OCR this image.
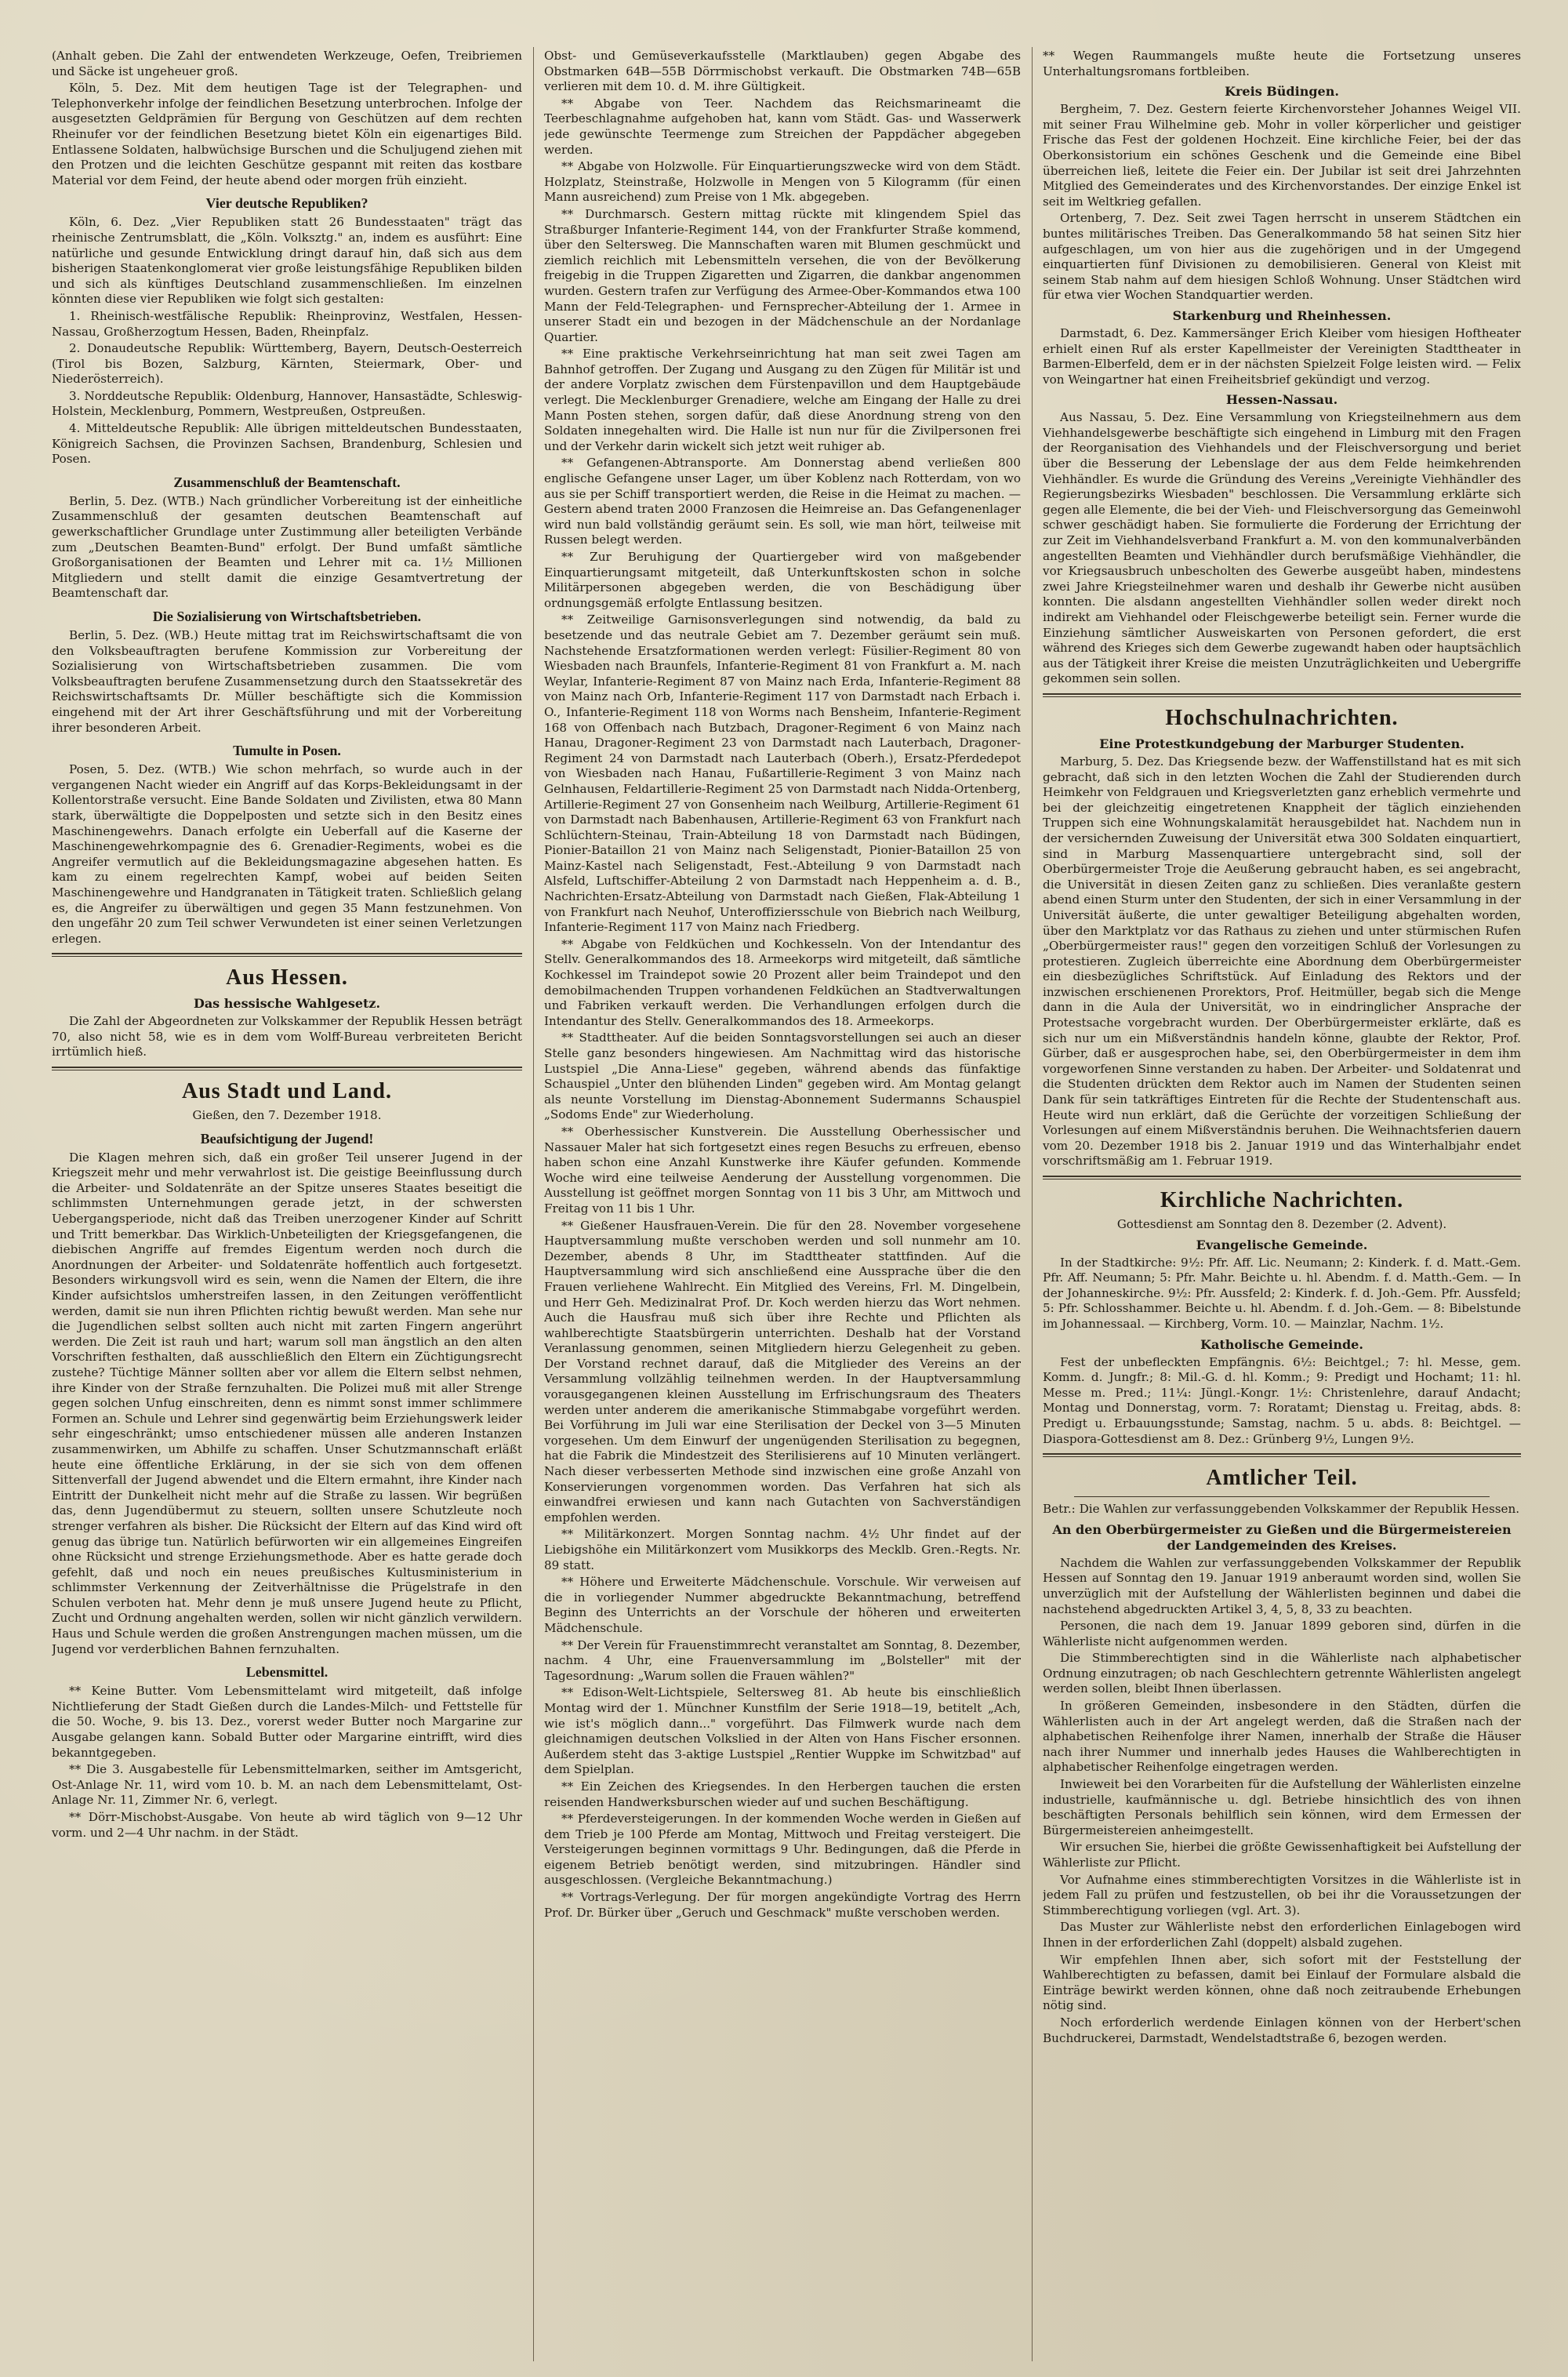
(Anhalt geben. Die Zahl der entwendeten Werkzeuge, Oefen, Treibriemen und Säcke ist ungeheuer groß.

Köln, 5. Dez. Mit dem heutigen Tage ist der Telegraphen- und Telephonverkehr infolge der feindlichen Besetzung unterbrochen. Infolge der ausgesetzten Geldprämien für Bergung von Geschützen auf dem rechten Rheinufer vor der feindlichen Besetzung bietet Köln ein eigenartiges Bild. Entlassene Soldaten, halbwüchsige Burschen und die Schuljugend ziehen mit den Protzen und die leichten Geschütze gespannt mit reiten das kostbare Material vor dem Feind, der heute abend oder morgen früh einzieht.

Vier deutsche Republiken?

Köln, 6. Dez. „Vier Republiken statt 26 Bundesstaaten" trägt das rheinische Zentrumsblatt, die „Köln. Volksztg." an, indem es ausführt: Eine natürliche und gesunde Entwicklung dringt darauf hin, daß sich aus dem bisherigen Staatenkonglomerat vier große leistungsfähige Republiken bilden und sich als künftiges Deutschland zusammenschließen. Im einzelnen könnten diese vier Republiken wie folgt sich gestalten:

1. Rheinisch-westfälische Republik: Rheinprovinz, Westfalen, Hessen-Nassau, Großherzogtum Hessen, Baden, Rheinpfalz.

2. Donaudeutsche Republik: Württemberg, Bayern, Deutsch-Oesterreich (Tirol bis Bozen, Salzburg, Kärnten, Steiermark, Ober- und Niederösterreich).

3. Norddeutsche Republik: Oldenburg, Hannover, Hansastädte, Schleswig-Holstein, Mecklenburg, Pommern, Westpreußen, Ostpreußen.

4. Mitteldeutsche Republik: Alle übrigen mitteldeutschen Bundesstaaten, Königreich Sachsen, die Provinzen Sachsen, Brandenburg, Schlesien und Posen.

Zusammenschluß der Beamtenschaft.

Berlin, 5. Dez. (WTB.) Nach gründlicher Vorbereitung ist der einheitliche Zusammenschluß der gesamten deutschen Beamtenschaft auf gewerkschaftlicher Grundlage unter Zustimmung aller beteiligten Verbände zum „Deutschen Beamten-Bund" erfolgt. Der Bund umfaßt sämtliche Großorganisationen der Beamten und Lehrer mit ca. 1½ Millionen Mitgliedern und stellt damit die einzige Gesamtvertretung der Beamtenschaft dar.

Die Sozialisierung von Wirtschaftsbetrieben.

Berlin, 5. Dez. (WB.) Heute mittag trat im Reichswirtschaftsamt die von den Volksbeauftragten berufene Kommission zur Vorbereitung der Sozialisierung von Wirtschaftsbetrieben zusammen. Die vom Volksbeauftragten berufene Zusammensetzung durch den Staatssekretär des Reichswirtschaftsamts Dr. Müller beschäftigte sich die Kommission eingehend mit der Art ihrer Geschäftsführung und mit der Vorbereitung ihrer besonderen Arbeit.

Tumulte in Posen.

Posen, 5. Dez. (WTB.) Wie schon mehrfach, so wurde auch in der vergangenen Nacht wieder ein Angriff auf das Korps-Bekleidungsamt in der Kollentorstraße versucht. Eine Bande Soldaten und Zivilisten, etwa 80 Mann stark, überwältigte die Doppelposten und setzte sich in den Besitz eines Maschinengewehrs. Danach erfolgte ein Ueberfall auf die Kaserne der Maschinengewehrkompagnie des 6. Grenadier-Regiments, wobei es die Angreifer vermutlich auf die Bekleidungsmagazine abgesehen hatten. Es kam zu einem regelrechten Kampf, wobei auf beiden Seiten Maschinengewehre und Handgranaten in Tätigkeit traten. Schließlich gelang es, die Angreifer zu überwältigen und gegen 35 Mann festzunehmen. Von den ungefähr 20 zum Teil schwer Verwundeten ist einer seinen Verletzungen erlegen.

Aus Hessen.
Das hessische Wahlgesetz.

Die Zahl der Abgeordneten zur Volkskammer der Republik Hessen beträgt 70, also nicht 58, wie es in dem vom Wolff-Bureau verbreiteten Bericht irrtümlich hieß.

Aus Stadt und Land.
Gießen, den 7. Dezember 1918.
Beaufsichtigung der Jugend!

Die Klagen mehren sich, daß ein großer Teil unserer Jugend in der Kriegszeit mehr und mehr verwahrlost ist. Die geistige Beeinflussung durch die Arbeiter- und Soldatenräte an der Spitze unseres Staates beseitigt die schlimmsten Unternehmungen gerade jetzt, in der schwersten Uebergangsperiode, nicht daß das Treiben unerzogener Kinder auf Schritt und Tritt bemerkbar. Das Wirklich-Unbeteiligten der Kriegsgefangenen, die diebischen Angriffe auf fremdes Eigentum werden noch durch die Anordnungen der Arbeiter- und Soldatenräte hoffentlich auch fortgesetzt. Besonders wirkungsvoll wird es sein, wenn die Namen der Eltern, die ihre Kinder aufsichtslos umherstreifen lassen, in den Zeitungen veröffentlicht werden, damit sie nun ihren Pflichten richtig bewußt werden. Man sehe nur die Jugendlichen selbst sollten auch nicht mit zarten Fingern angerührt werden. Die Zeit ist rauh und hart; warum soll man ängstlich an den alten Vorschriften festhalten, daß ausschließlich den Eltern ein Züchtigungsrecht zustehe? Tüchtige Männer sollten aber vor allem die Eltern selbst nehmen, ihre Kinder von der Straße fernzuhalten. Die Polizei muß mit aller Strenge gegen solchen Unfug einschreiten, denn es nimmt sonst immer schlimmere Formen an. Schule und Lehrer sind gegenwärtig beim Erziehungswerk leider sehr eingeschränkt; umso entschiedener müssen alle anderen Instanzen zusammenwirken, um Abhilfe zu schaffen. Unser Schutzmannschaft erläßt heute eine öffentliche Erklärung, in der sie sich von dem offenen Sittenverfall der Jugend abwendet und die Eltern ermahnt, ihre Kinder nach Eintritt der Dunkelheit nicht mehr auf die Straße zu lassen. Wir begrüßen das, denn Jugendübermut zu steuern, sollten unsere Schutzleute noch strenger verfahren als bisher. Die Rücksicht der Eltern auf das Kind wird oft genug das übrige tun. Natürlich befürworten wir ein allgemeines Eingreifen ohne Rücksicht und strenge Erziehungsmethode. Aber es hatte gerade doch gefehlt, daß und noch ein neues preußisches Kultusministerium in schlimmster Verkennung der Zeitverhältnisse die Prügelstrafe in den Schulen verboten hat. Mehr denn je muß unsere Jugend heute zu Pflicht, Zucht und Ordnung angehalten werden, sollen wir nicht gänzlich verwildern. Haus und Schule werden die großen Anstrengungen machen müssen, um die Jugend vor verderblichen Bahnen fernzuhalten.

Lebensmittel.

** Keine Butter. Vom Lebensmittelamt wird mitgeteilt, daß infolge Nichtlieferung der Stadt Gießen durch die Landes-Milch- und Fettstelle für die 50. Woche, 9. bis 13. Dez., vorerst weder Butter noch Margarine zur Ausgabe gelangen kann. Sobald Butter oder Margarine eintrifft, wird dies bekanntgegeben.

** Die 3. Ausgabestelle für Lebensmittelmarken, seither im Amtsgericht, Ost-Anlage Nr. 11, wird vom 10. b. M. an nach dem Lebensmittelamt, Ost-Anlage Nr. 11, Zimmer Nr. 6, verlegt.

** Dörr-Mischobst-Ausgabe. Von heute ab wird täglich von 9—12 Uhr vorm. und 2—4 Uhr nachm. in der Städt.

Obst- und Gemüseverkaufsstelle (Marktlauben) gegen Abgabe des Obstmarken 64B—55B Dörrmischobst verkauft. Die Obstmarken 74B—65B verlieren mit dem 10. d. M. ihre Gültigkeit.

** Abgabe von Teer. Nachdem das Reichsmarineamt die Teerbeschlagnahme aufgehoben hat, kann vom Städt. Gas- und Wasserwerk jede gewünschte Teermenge zum Streichen der Pappdächer abgegeben werden.

** Abgabe von Holzwolle. Für Einquartierungszwecke wird von dem Städt. Holzplatz, Steinstraße, Holzwolle in Mengen von 5 Kilogramm (für einen Mann ausreichend) zum Preise von 1 Mk. abgegeben.

** Durchmarsch. Gestern mittag rückte mit klingendem Spiel das Straßburger Infanterie-Regiment 144, von der Frankfurter Straße kommend, über den Seltersweg. Die Mannschaften waren mit Blumen geschmückt und ziemlich reichlich mit Lebensmitteln versehen, die von der Bevölkerung freigebig in die Truppen Zigaretten und Zigarren, die dankbar angenommen wurden. Gestern trafen zur Verfügung des Armee-Ober-Kommandos etwa 100 Mann der Feld-Telegraphen- und Fernsprecher-Abteilung der 1. Armee in unserer Stadt ein und bezogen in der Mädchenschule an der Nordanlage Quartier.

** Eine praktische Verkehrseinrichtung hat man seit zwei Tagen am Bahnhof getroffen. Der Zugang und Ausgang zu den Zügen für Militär ist und der andere Vorplatz zwischen dem Fürstenpavillon und dem Hauptgebäude verlegt. Die Mecklenburger Grenadiere, welche am Eingang der Halle zu drei Mann Posten stehen, sorgen dafür, daß diese Anordnung streng von den Soldaten innegehalten wird. Die Halle ist nun nur für die Zivilpersonen frei und der Verkehr darin wickelt sich jetzt weit ruhiger ab.

** Gefangenen-Abtransporte. Am Donnerstag abend verließen 800 englische Gefangene unser Lager, um über Koblenz nach Rotterdam, von wo aus sie per Schiff transportiert werden, die Reise in die Heimat zu machen. — Gestern abend traten 2000 Franzosen die Heimreise an. Das Gefangenenlager wird nun bald vollständig geräumt sein. Es soll, wie man hört, teilweise mit Russen belegt werden.

** Zur Beruhigung der Quartiergeber wird von maßgebender Einquartierungsamt mitgeteilt, daß Unterkunftskosten schon in solche Militärpersonen abgegeben werden, die von Beschädigung über ordnungsgemäß erfolgte Entlassung besitzen.

** Zeitweilige Garnisonsverlegungen sind notwendig, da bald zu besetzende und das neutrale Gebiet am 7. Dezember geräumt sein muß. Nachstehende Ersatzformationen werden verlegt: Füsilier-Regiment 80 von Wiesbaden nach Braunfels, Infanterie-Regiment 81 von Frankfurt a. M. nach Weylar, Infanterie-Regiment 87 von Mainz nach Erda, Infanterie-Regiment 88 von Mainz nach Orb, Infanterie-Regiment 117 von Darmstadt nach Erbach i. O., Infanterie-Regiment 118 von Worms nach Bensheim, Infanterie-Regiment 168 von Offenbach nach Butzbach, Dragoner-Regiment 6 von Mainz nach Hanau, Dragoner-Regiment 23 von Darmstadt nach Lauterbach, Dragoner-Regiment 24 von Darmstadt nach Lauterbach (Oberh.), Ersatz-Pferdedepot von Wiesbaden nach Hanau, Fußartillerie-Regiment 3 von Mainz nach Gelnhausen, Feldartillerie-Regiment 25 von Darmstadt nach Nidda-Ortenberg, Artillerie-Regiment 27 von Gonsenheim nach Weilburg, Artillerie-Regiment 61 von Darmstadt nach Babenhausen, Artillerie-Regiment 63 von Frankfurt nach Schlüchtern-Steinau, Train-Abteilung 18 von Darmstadt nach Büdingen, Pionier-Bataillon 21 von Mainz nach Seligenstadt, Pionier-Bataillon 25 von Mainz-Kastel nach Seligenstadt, Fest.-Abteilung 9 von Darmstadt nach Alsfeld, Luftschiffer-Abteilung 2 von Darmstadt nach Heppenheim a. d. B., Nachrichten-Ersatz-Abteilung von Darmstadt nach Gießen, Flak-Abteilung 1 von Frankfurt nach Neuhof, Unteroffiziersschule von Biebrich nach Weilburg, Infanterie-Regiment 117 von Mainz nach Friedberg.

** Abgabe von Feldküchen und Kochkesseln. Von der Intendantur des Stellv. Generalkommandos des 18. Armeekorps wird mitgeteilt, daß sämtliche Kochkessel im Traindepot sowie 20 Prozent aller beim Traindepot und den demobilmachenden Truppen vorhandenen Feldküchen an Stadtverwaltungen und Fabriken verkauft werden. Die Verhandlungen erfolgen durch die Intendantur des Stellv. Generalkommandos des 18. Armeekorps.

** Stadttheater. Auf die beiden Sonntagsvorstellungen sei auch an dieser Stelle ganz besonders hingewiesen. Am Nachmittag wird das historische Lustspiel „Die Anna-Liese" gegeben, während abends das fünfaktige Schauspiel „Unter den blühenden Linden" gegeben wird. Am Montag gelangt als neunte Vorstellung im Dienstag-Abonnement Sudermanns Schauspiel „Sodoms Ende" zur Wiederholung.

** Oberhessischer Kunstverein. Die Ausstellung Oberhessischer und Nassauer Maler hat sich fortgesetzt eines regen Besuchs zu erfreuen, ebenso haben schon eine Anzahl Kunstwerke ihre Käufer gefunden. Kommende Woche wird eine teilweise Aenderung der Ausstellung vorgenommen. Die Ausstellung ist geöffnet morgen Sonntag von 11 bis 3 Uhr, am Mittwoch und Freitag von 11 bis 1 Uhr.

** Gießener Hausfrauen-Verein. Die für den 28. November vorgesehene Hauptversammlung mußte verschoben werden und soll nunmehr am 10. Dezember, abends 8 Uhr, im Stadttheater stattfinden. Auf die Hauptversammlung wird sich anschließend eine Aussprache über die den Frauen verliehene Wahlrecht. Ein Mitglied des Vereins, Frl. M. Dingelbein, und Herr Geh. Medizinalrat Prof. Dr. Koch werden hierzu das Wort nehmen. Auch die Hausfrau muß sich über ihre Rechte und Pflichten als wahlberechtigte Staatsbürgerin unterrichten. Deshalb hat der Vorstand Veranlassung genommen, seinen Mitgliedern hierzu Gelegenheit zu geben. Der Vorstand rechnet darauf, daß die Mitglieder des Vereins an der Versammlung vollzählig teilnehmen werden. In der Hauptversammlung vorausgegangenen kleinen Ausstellung im Erfrischungsraum des Theaters werden unter anderem die amerikanische Stimmabgabe vorgeführt werden. Bei Vorführung im Juli war eine Sterilisation der Deckel von 3—5 Minuten vorgesehen. Um dem Einwurf der ungenügenden Sterilisation zu begegnen, hat die Fabrik die Mindestzeit des Sterilisierens auf 10 Minuten verlängert. Nach dieser verbesserten Methode sind inzwischen eine große Anzahl von Konservierungen vorgenommen worden. Das Verfahren hat sich als einwandfrei erwiesen und kann nach Gutachten von Sachverständigen empfohlen werden.

** Militärkonzert. Morgen Sonntag nachm. 4½ Uhr findet auf der Liebigshöhe ein Militärkonzert vom Musikkorps des Mecklb. Gren.-Regts. Nr. 89 statt.

** Höhere und Erweiterte Mädchenschule. Vorschule. Wir verweisen auf die in vorliegender Nummer abgedruckte Bekanntmachung, betreffend Beginn des Unterrichts an der Vorschule der höheren und erweiterten Mädchenschule.

** Der Verein für Frauenstimmrecht veranstaltet am Sonntag, 8. Dezember, nachm. 4 Uhr, eine Frauenversammlung im „Bolsteller" mit der Tagesordnung: „Warum sollen die Frauen wählen?"

** Edison-Welt-Lichtspiele, Seltersweg 81. Ab heute bis einschließlich Montag wird der 1. Münchner Kunstfilm der Serie 1918—19, betitelt „Ach, wie ist's möglich dann..." vorgeführt. Das Filmwerk wurde nach dem gleichnamigen deutschen Volkslied in der Alten von Hans Fischer ersonnen. Außerdem steht das 3-aktige Lustspiel „Rentier Wuppke im Schwitzbad" auf dem Spielplan.

** Ein Zeichen des Kriegsendes. In den Herbergen tauchen die ersten reisenden Handwerksburschen wieder auf und suchen Beschäftigung.

** Pferdeversteigerungen. In der kommenden Woche werden in Gießen auf dem Trieb je 100 Pferde am Montag, Mittwoch und Freitag versteigert. Die Versteigerungen beginnen vormittags 9 Uhr. Bedingungen, daß die Pferde in eigenem Betrieb benötigt werden, sind mitzubringen. Händler sind ausgeschlossen. (Vergleiche Bekanntmachung.)

** Vortrags-Verlegung. Der für morgen angekündigte Vortrag des Herrn Prof. Dr. Bürker über „Geruch und Geschmack" mußte verschoben werden.

** Wegen Raummangels mußte heute die Fortsetzung unseres Unterhaltungsromans fortbleiben.

Kreis Büdingen.

Bergheim, 7. Dez. Gestern feierte Kirchenvorsteher Johannes Weigel VII. mit seiner Frau Wilhelmine geb. Mohr in voller körperlicher und geistiger Frische das Fest der goldenen Hochzeit. Eine kirchliche Feier, bei der das Oberkonsistorium ein schönes Geschenk und die Gemeinde eine Bibel überreichen ließ, leitete die Feier ein. Der Jubilar ist seit drei Jahrzehnten Mitglied des Gemeinderates und des Kirchenvorstandes. Der einzige Enkel ist seit im Weltkrieg gefallen.

Ortenberg, 7. Dez. Seit zwei Tagen herrscht in unserem Städtchen ein buntes militärisches Treiben. Das Generalkommando 58 hat seinen Sitz hier aufgeschlagen, um von hier aus die zugehörigen und in der Umgegend einquartierten fünf Divisionen zu demobilisieren. General von Kleist mit seinem Stab nahm auf dem hiesigen Schloß Wohnung. Unser Städtchen wird für etwa vier Wochen Standquartier werden.

Starkenburg und Rheinhessen.

Darmstadt, 6. Dez. Kammersänger Erich Kleiber vom hiesigen Hoftheater erhielt einen Ruf als erster Kapellmeister der Vereinigten Stadttheater in Barmen-Elberfeld, dem er in der nächsten Spielzeit Folge leisten wird. — Felix von Weingartner hat einen Freiheitsbrief gekündigt und verzog.

Hessen-Nassau.

Aus Nassau, 5. Dez. Eine Versammlung von Kriegsteilnehmern aus dem Viehhandelsgewerbe beschäftigte sich eingehend in Limburg mit den Fragen der Reorganisation des Viehhandels und der Fleischversorgung und beriet über die Besserung der Lebenslage der aus dem Felde heimkehrenden Viehhändler. Es wurde die Gründung des Vereins „Vereinigte Viehhändler des Regierungsbezirks Wiesbaden" beschlossen. Die Versammlung erklärte sich gegen alle Elemente, die bei der Vieh- und Fleischversorgung das Gemeinwohl schwer geschädigt haben. Sie formulierte die Forderung der Errichtung der zur Zeit im Viehhandelsverband Frankfurt a. M. von den kommunalverbänden angestellten Beamten und Viehhändler durch berufsmäßige Viehhändler, die vor Kriegsausbruch unbescholten des Gewerbe ausgeübt haben, mindestens zwei Jahre Kriegsteilnehmer waren und deshalb ihr Gewerbe nicht ausüben konnten. Die alsdann angestellten Viehhändler sollen weder direkt noch indirekt am Viehhandel oder Fleischgewerbe beteiligt sein. Ferner wurde die Einziehung sämtlicher Ausweiskarten von Personen gefordert, die erst während des Krieges sich dem Gewerbe zugewandt haben oder hauptsächlich aus der Tätigkeit ihrer Kreise die meisten Unzuträglichkeiten und Uebergriffe gekommen sein sollen.

Hochschulnachrichten.
Eine Protestkundgebung der Marburger Studenten.

Marburg, 5. Dez. Das Kriegsende bezw. der Waffenstillstand hat es mit sich gebracht, daß sich in den letzten Wochen die Zahl der Studierenden durch Heimkehr von Feldgrauen und Kriegsverletzten ganz erheblich vermehrte und bei der gleichzeitig eingetretenen Knappheit der täglich einziehenden Truppen sich eine Wohnungskalamität herausgebildet hat. Nachdem nun in der versichernden Zuweisung der Universität etwa 300 Soldaten einquartiert, sind in Marburg Massenquartiere untergebracht sind, soll der Oberbürgermeister Troje die Aeußerung gebraucht haben, es sei angebracht, die Universität in diesen Zeiten ganz zu schließen. Dies veranlaßte gestern abend einen Sturm unter den Studenten, der sich in einer Versammlung in der Universität äußerte, die unter gewaltiger Beteiligung abgehalten worden, über den Marktplatz vor das Rathaus zu ziehen und unter stürmischen Rufen „Oberbürgermeister raus!" gegen den vorzeitigen Schluß der Vorlesungen zu protestieren. Zugleich überreichte eine Abordnung dem Oberbürgermeister ein diesbezügliches Schriftstück. Auf Einladung des Rektors und der inzwischen erschienenen Prorektors, Prof. Heitmüller, begab sich die Menge dann in die Aula der Universität, wo in eindringlicher Ansprache der Protestsache vorgebracht wurden. Der Oberbürgermeister erklärte, daß es sich nur um ein Mißverständnis handeln könne, glaubte der Rektor, Prof. Gürber, daß er ausgesprochen habe, sei, den Oberbürgermeister in dem ihm vorgeworfenen Sinne verstanden zu haben. Der Arbeiter- und Soldatenrat und die Studenten drückten dem Rektor auch im Namen der Studenten seinen Dank für sein tatkräftiges Eintreten für die Rechte der Studentenschaft aus. Heute wird nun erklärt, daß die Gerüchte der vorzeitigen Schließung der Vorlesungen auf einem Mißverständnis beruhen. Die Weihnachtsferien dauern vom 20. Dezember 1918 bis 2. Januar 1919 und das Winterhalbjahr endet vorschriftsmäßig am 1. Februar 1919.

Kirchliche Nachrichten.
Gottesdienst am Sonntag den 8. Dezember (2. Advent).
Evangelische Gemeinde.

In der Stadtkirche: 9½: Pfr. Aff. Lic. Neumann; 2: Kinderk. f. d. Matt.-Gem. Pfr. Aff. Neumann; 5: Pfr. Mahr. Beichte u. hl. Abendm. f. d. Matth.-Gem. — In der Johanneskirche. 9½: Pfr. Aussfeld; 2: Kinderk. f. d. Joh.-Gem. Pfr. Aussfeld; 5: Pfr. Schlosshammer. Beichte u. hl. Abendm. f. d. Joh.-Gem. — 8: Bibelstunde im Johannessaal. — Kirchberg, Vorm. 10. — Mainzlar, Nachm. 1½.

Katholische Gemeinde.

Fest der unbefleckten Empfängnis. 6½: Beichtgel.; 7: hl. Messe, gem. Komm. d. Jungfr.; 8: Mil.-G. d. hl. Komm.; 9: Predigt und Hochamt; 11: hl. Messe m. Pred.; 11¼: Jüngl.-Kongr. 1½: Christenlehre, darauf Andacht; Montag und Donnerstag, vorm. 7: Roratamt; Dienstag u. Freitag, abds. 8: Predigt u. Erbauungsstunde; Samstag, nachm. 5 u. abds. 8: Beichtgel. — Diaspora-Gottesdienst am 8. Dez.: Grünberg 9½, Lungen 9½.

Amtlicher Teil.

Betr.: Die Wahlen zur verfassunggebenden Volkskammer der Republik Hessen.

An den Oberbürgermeister zu Gießen und die Bürgermeistereien der Landgemeinden des Kreises.

Nachdem die Wahlen zur verfassunggebenden Volkskammer der Republik Hessen auf Sonntag den 19. Januar 1919 anberaumt worden sind, wollen Sie unverzüglich mit der Aufstellung der Wählerlisten beginnen und dabei die nachstehend abgedruckten Artikel 3, 4, 5, 8, 33 zu beachten.

Personen, die nach dem 19. Januar 1899 geboren sind, dürfen in die Wählerliste nicht aufgenommen werden.

Die Stimmberechtigten sind in die Wählerliste nach alphabetischer Ordnung einzutragen; ob nach Geschlechtern getrennte Wählerlisten angelegt werden sollen, bleibt Ihnen überlassen.

In größeren Gemeinden, insbesondere in den Städten, dürfen die Wählerlisten auch in der Art angelegt werden, daß die Straßen nach der alphabetischen Reihenfolge ihrer Namen, innerhalb der Straße die Häuser nach ihrer Nummer und innerhalb jedes Hauses die Wahlberechtigten in alphabetischer Reihenfolge eingetragen werden.

Inwieweit bei den Vorarbeiten für die Aufstellung der Wählerlisten einzelne industrielle, kaufmännische u. dgl. Betriebe hinsichtlich des von ihnen beschäftigten Personals behilflich sein können, wird dem Ermessen der Bürgermeistereien anheimgestellt.

Wir ersuchen Sie, hierbei die größte Gewissenhaftigkeit bei Aufstellung der Wählerliste zur Pflicht.

Vor Aufnahme eines stimmberechtigten Vorsitzes in die Wählerliste ist in jedem Fall zu prüfen und festzustellen, ob bei ihr die Voraussetzungen der Stimmberechtigung vorliegen (vgl. Art. 3).

Das Muster zur Wählerliste nebst den erforderlichen Einlagebogen wird Ihnen in der erforderlichen Zahl (doppelt) alsbald zugehen.

Wir empfehlen Ihnen aber, sich sofort mit der Feststellung der Wahlberechtigten zu befassen, damit bei Einlauf der Formulare alsbald die Einträge bewirkt werden können, ohne daß noch zeitraubende Erhebungen nötig sind.

Noch erforderlich werdende Einlagen können von der Herbert'schen Buchdruckerei, Darmstadt, Wendelstadtstraße 6, bezogen werden.
